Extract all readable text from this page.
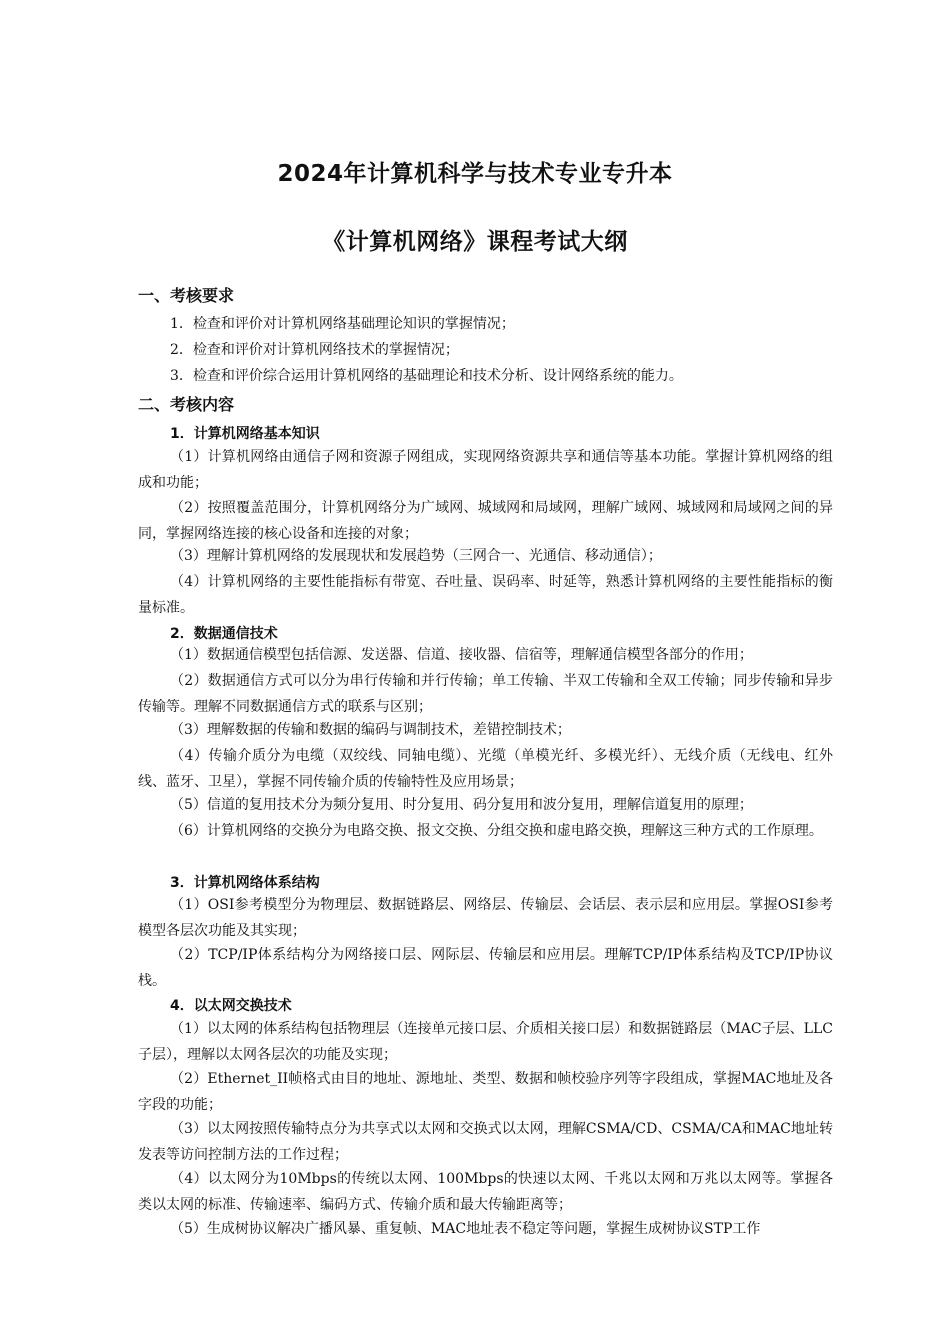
2024年计算机科学与技术专业专升本
《计算机网络》课程考试大纲
一、考核要求
1．检查和评价对计算机网络基础理论知识的掌握情况；
2．检查和评价对计算机网络技术的掌握情况；
3．检查和评价综合运用计算机网络的基础理论和技术分析、设计网络系统的能力。
二、考核内容
1．计算机网络基本知识
（1）计算机网络由通信子网和资源子网组成，实现网络资源共享和通信等基本功能。掌握计算机网络的组成和功能；
（2）按照覆盖范围分，计算机网络分为广域网、城域网和局域网，理解广域网、城域网和局域网之间的异同，掌握网络连接的核心设备和连接的对象；
（3）理解计算机网络的发展现状和发展趋势（三网合一、光通信、移动通信）；
（4）计算机网络的主要性能指标有带宽、吞吐量、误码率、时延等，熟悉计算机网络的主要性能指标的衡量标准。
2．数据通信技术
（1）数据通信模型包括信源、发送器、信道、接收器、信宿等，理解通信模型各部分的作用；
（2）数据通信方式可以分为串行传输和并行传输；单工传输、半双工传输和全双工传输；同步传输和异步传输等。理解不同数据通信方式的联系与区别；
（3）理解数据的传输和数据的编码与调制技术，差错控制技术；
（4）传输介质分为电缆（双绞线、同轴电缆）、光缆（单模光纤、多模光纤）、无线介质（无线电、红外线、蓝牙、卫星），掌握不同传输介质的传输特性及应用场景；
（5）信道的复用技术分为频分复用、时分复用、码分复用和波分复用，理解信道复用的原理；
（6）计算机网络的交换分为电路交换、报文交换、分组交换和虚电路交换，理解这三种方式的工作原理。
3．计算机网络体系结构
（1）OSI参考模型分为物理层、数据链路层、网络层、传输层、会话层、表示层和应用层。掌握OSI参考模型各层次功能及其实现；
（2）TCP/IP体系结构分为网络接口层、网际层、传输层和应用层。理解TCP/IP体系结构及TCP/IP协议栈。
4．以太网交换技术
（1）以太网的体系结构包括物理层（连接单元接口层、介质相关接口层）和数据链路层（MAC子层、LLC子层），理解以太网各层次的功能及实现；
（2）Ethernet_II帧格式由目的地址、源地址、类型、数据和帧校验序列等字段组成，掌握MAC地址及各字段的功能；
（3）以太网按照传输特点分为共享式以太网和交换式以太网，理解CSMA/CD、CSMA/CA和MAC地址转发表等访问控制方法的工作过程；
（4）以太网分为10Mbps的传统以太网、100Mbps的快速以太网、千兆以太网和万兆以太网等。掌握各类以太网的标准、传输速率、编码方式、传输介质和最大传输距离等；
（5）生成树协议解决广播风暴、重复帧、MAC地址表不稳定等问题，掌握生成树协议STP工作
